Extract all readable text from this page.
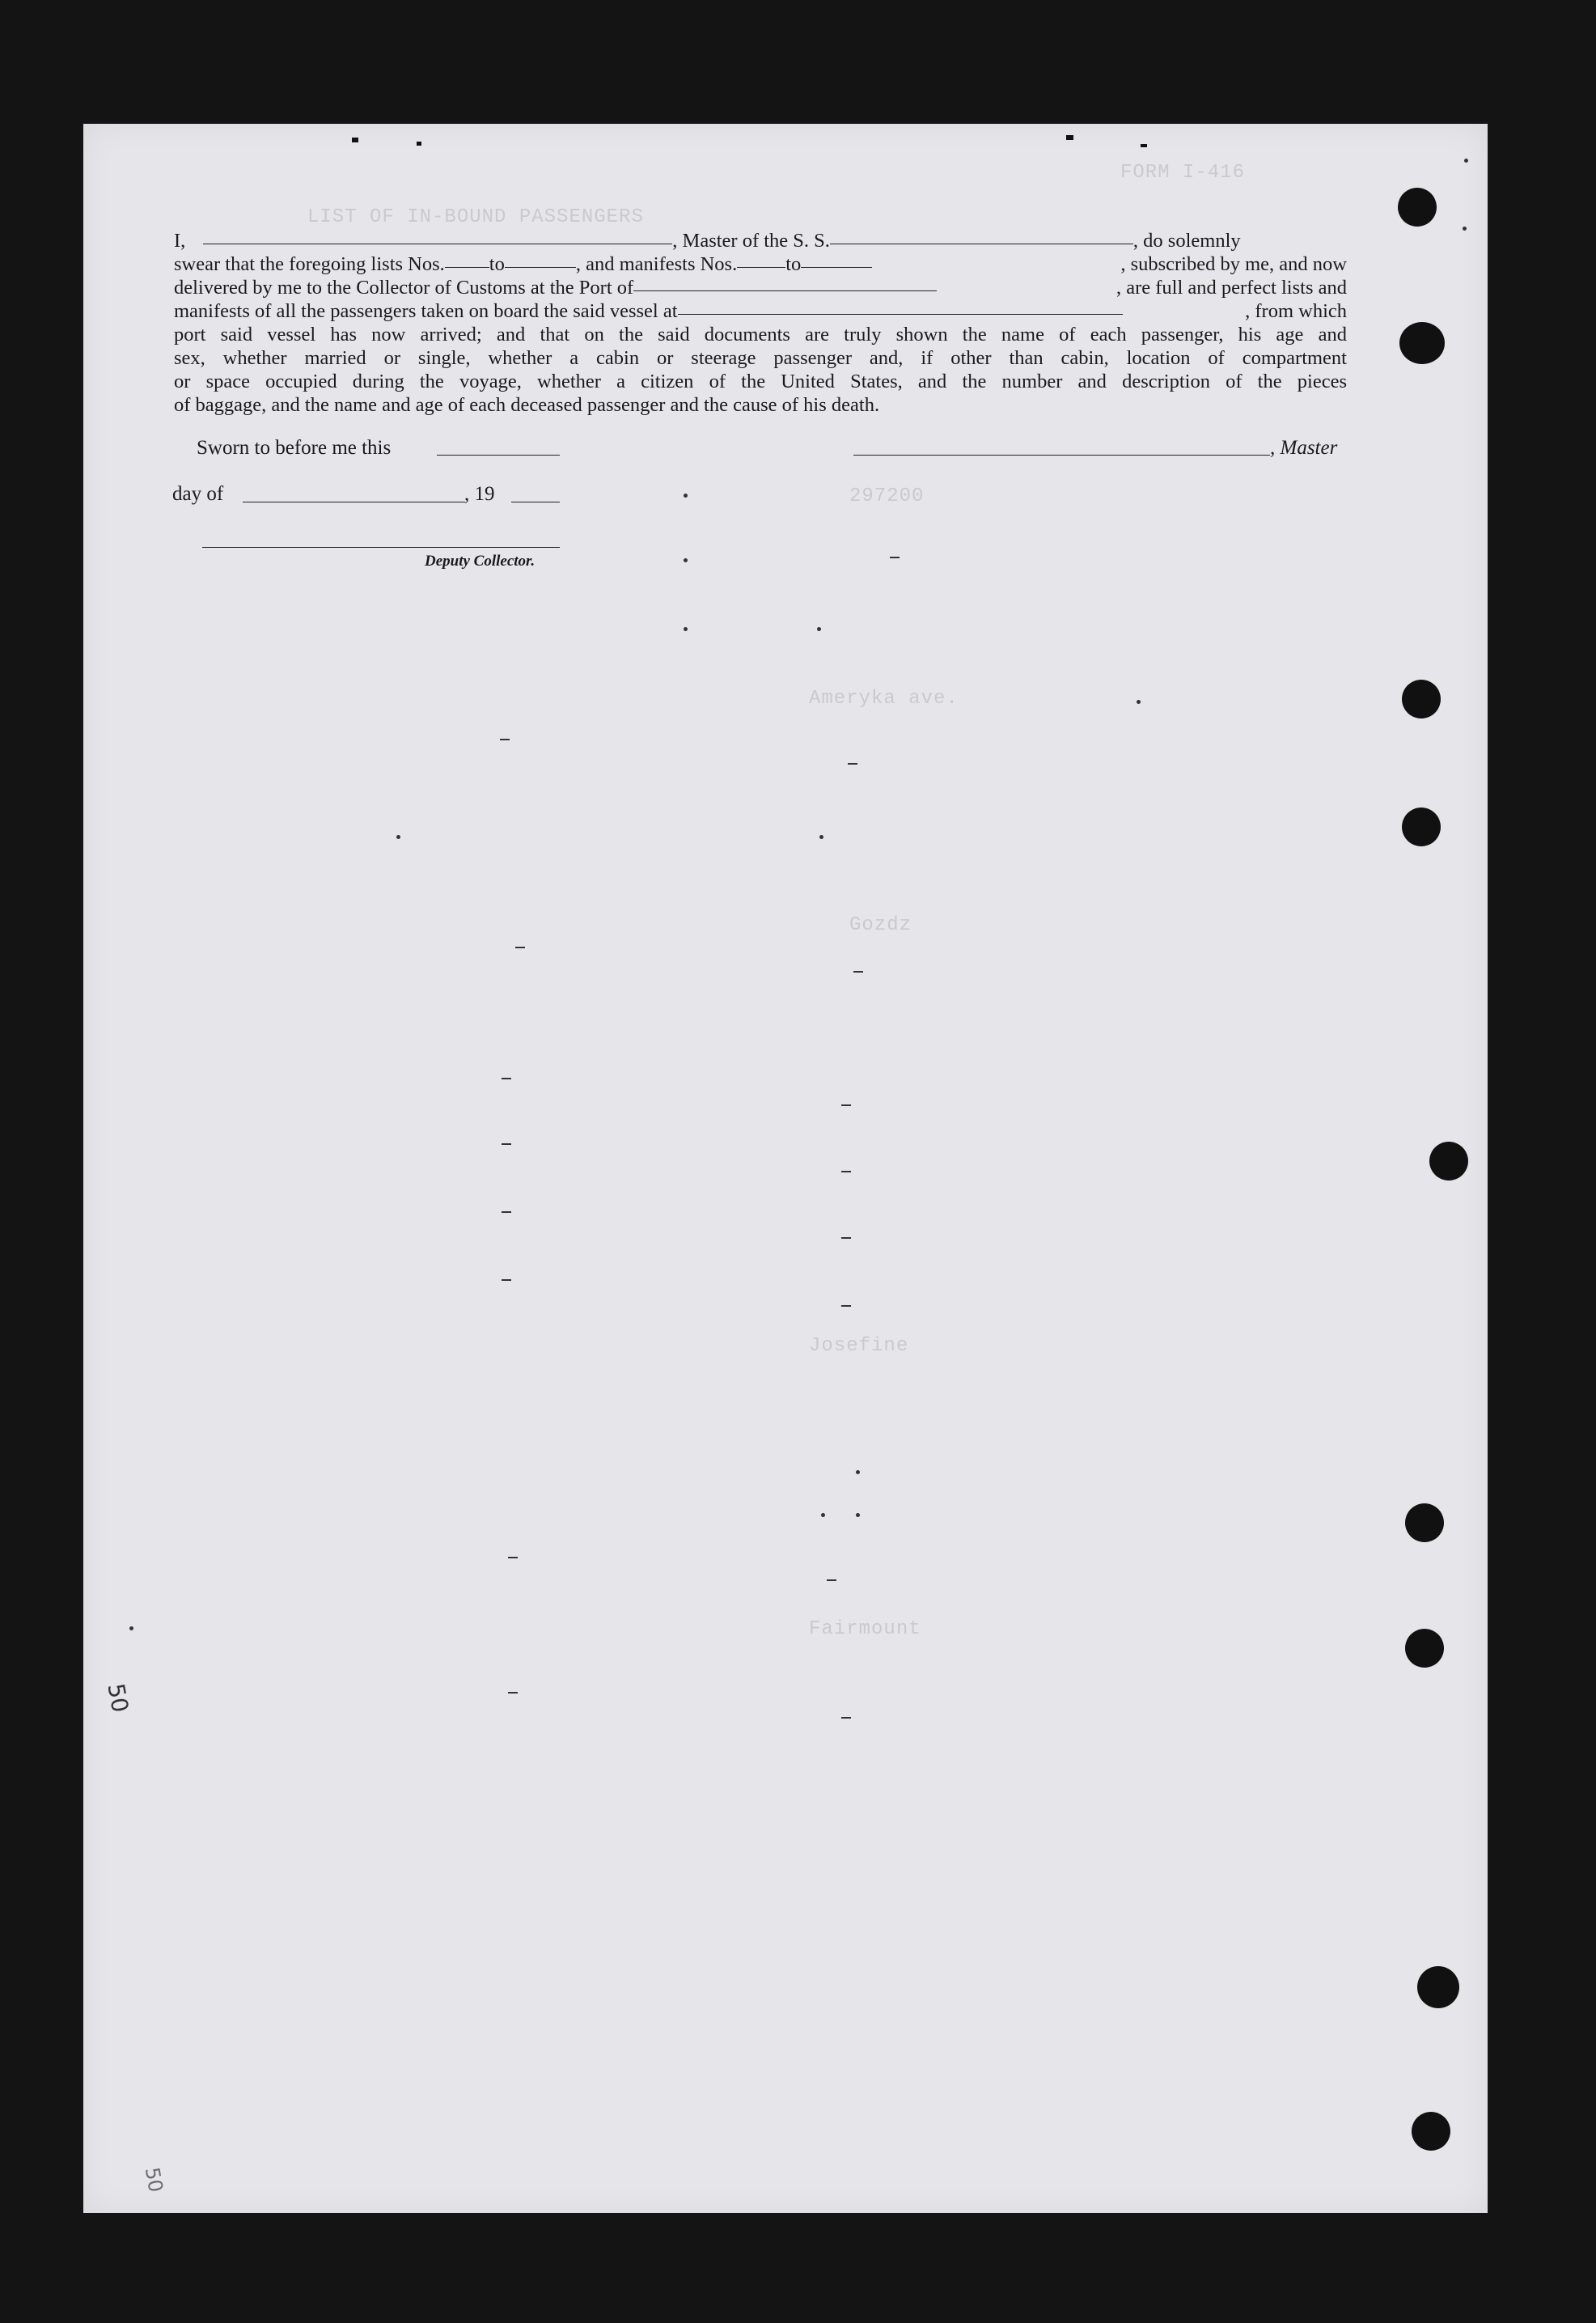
FORM I-416
LIST OF IN-BOUND PASSENGERS
297200
Ameryka ave.
Gozdz
Josefine
Fairmount
I,	, Master of the S. S.	, do solemnly
swear that the foregoing lists Nos. to	, and manifests Nos. to	, subscribed by me, and now
delivered by me to the Collector of Customs at the Port of	, are full and perfect lists and
manifests of all the passengers taken on board the said vessel at	, from which
port said vessel has now arrived; and that on the said documents are truly shown the name of each passenger, his age and
sex, whether married or single, whether a cabin or steerage passenger and, if other than cabin, location of compartment
or space occupied during the voyage, whether a citizen of the United States, and the number and description of the pieces
of baggage, and the name and age of each deceased passenger and the cause of his death.
Sworn to before me this	, Master
day of	, 19
Deputy Collector.
50
50
